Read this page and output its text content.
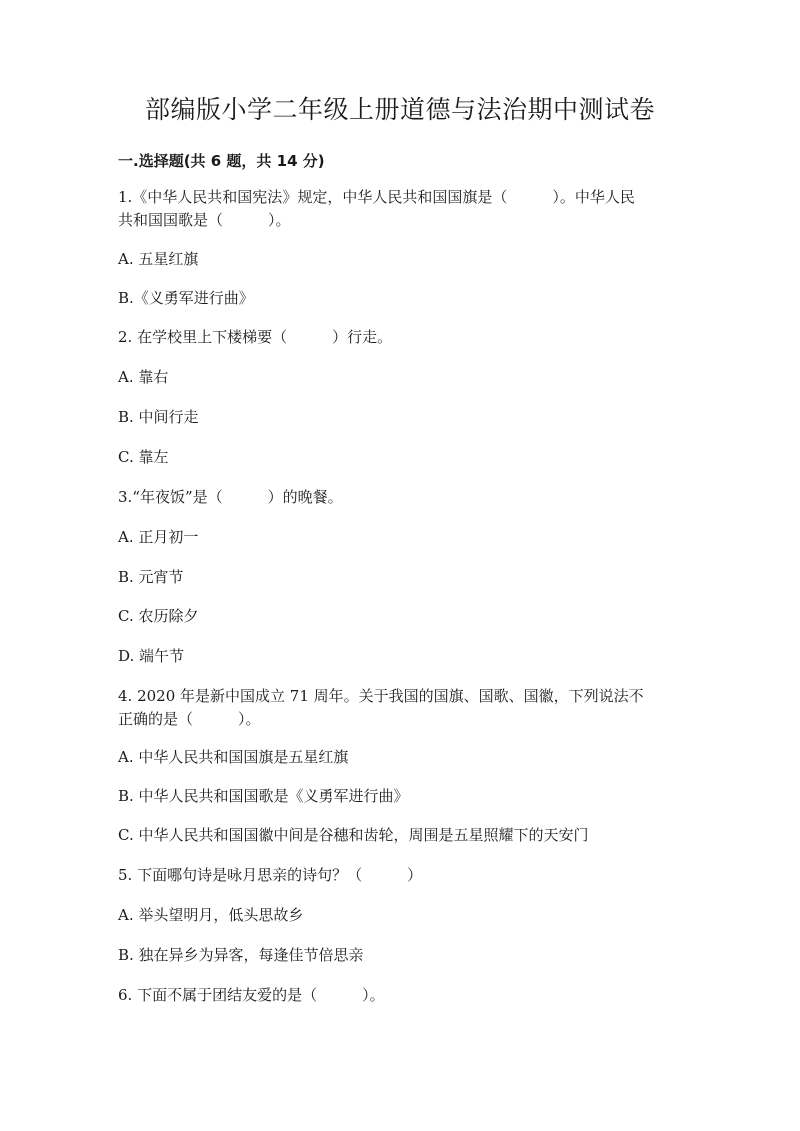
部编版小学二年级上册道德与法治期中测试卷
一.选择题(共 6 题，共 14 分)
1.《中华人民共和国宪法》规定，中华人民共和国国旗是（　　　）。中华人民
共和国国歌是（　　　）。
A. 五星红旗
B.《义勇军进行曲》
2. 在学校里上下楼梯要（　　　）行走。
A. 靠右
B. 中间行走
C. 靠左
3.“年夜饭”是（　　　）的晚餐。
A. 正月初一
B. 元宵节
C. 农历除夕
D. 端午节
4. 2020 年是新中国成立 71 周年。关于我国的国旗、国歌、国徽，下列说法不
正确的是（　　　）。
A. 中华人民共和国国旗是五星红旗
B. 中华人民共和国国歌是《义勇军进行曲》
C. 中华人民共和国国徽中间是谷穗和齿轮，周围是五星照耀下的天安门
5. 下面哪句诗是咏月思亲的诗句？（　　　）
A. 举头望明月，低头思故乡
B. 独在异乡为异客，每逢佳节倍思亲
6. 下面不属于团结友爱的是（　　　）。
